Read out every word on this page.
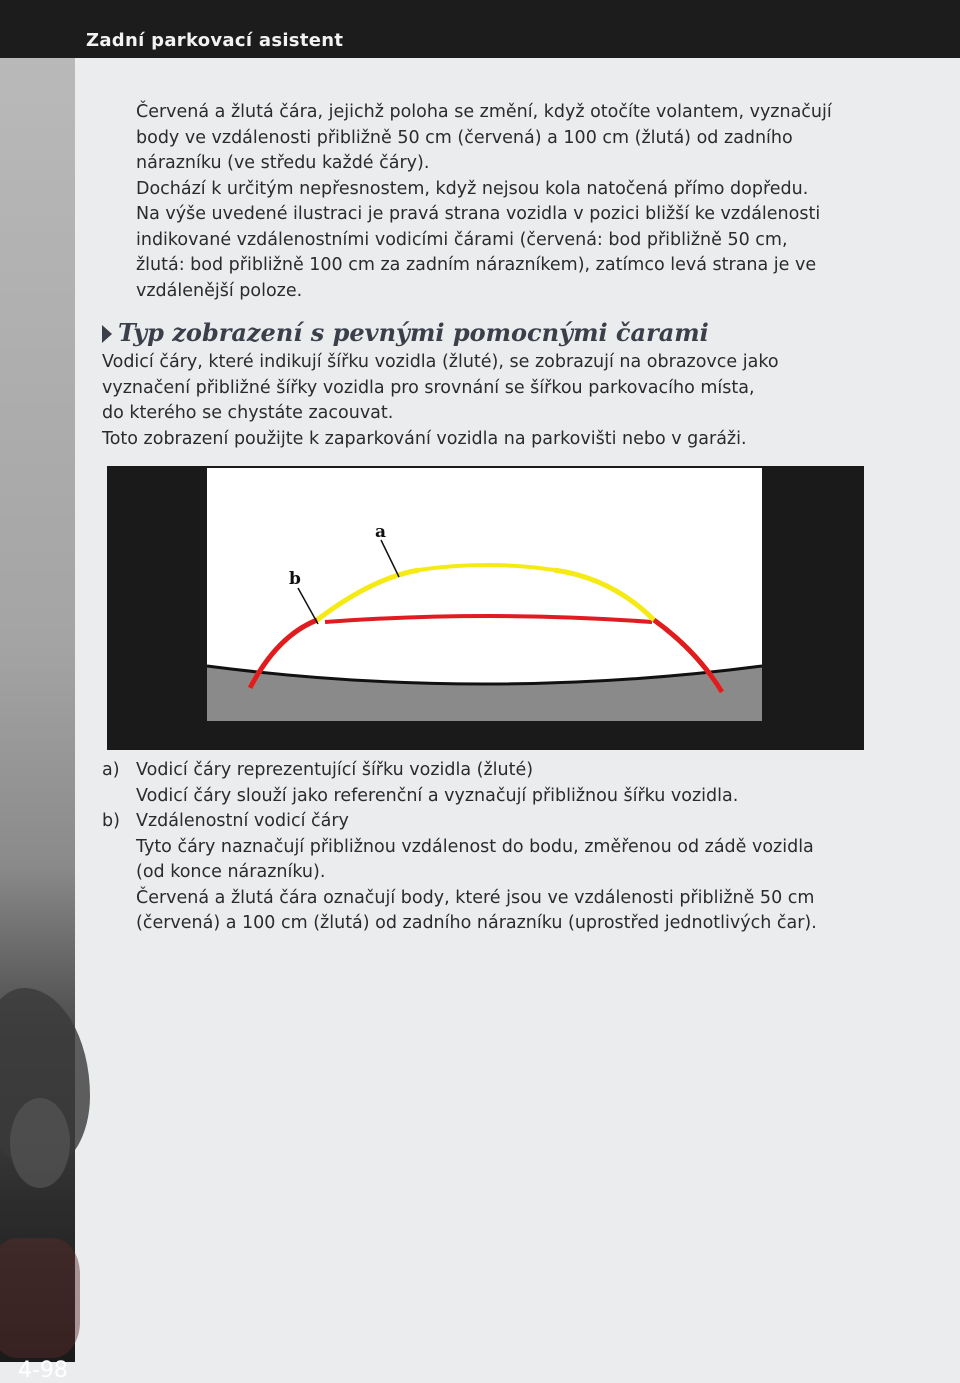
Zadní parkovací asistent
4-98

Červená a žlutá čára, jejichž poloha se změní, když otočíte volantem, vyznačují
body ve vzdálenosti přibližně 50 cm (červená) a 100 cm (žlutá) od zadního
nárazníku (ve středu každé čáry).
Dochází k určitým nepřesnostem, když nejsou kola natočená přímo dopředu.
Na výše uvedené ilustraci je pravá strana vozidla v pozici bližší ke vzdálenosti
indikované vzdálenostními vodicími čárami (červená: bod přibližně 50 cm,
žlutá: bod přibližně 100 cm za zadním nárazníkem), zatímco levá strana je ve
vzdálenější poloze.

Typ zobrazení s pevnými pomocnými čarami

Vodicí čáry, které indikují šířku vozidla (žluté), se zobrazují na obrazovce jako
vyznačení přibližné šířky vozidla pro srovnání se šířkou parkovacího místa,
do kterého se chystáte zacouvat.
Toto zobrazení použijte k zaparkování vozidla na parkovišti nebo v garáži.

a
b
a) Vodicí čáry reprezentující šířku vozidla (žluté)
Vodicí čáry slouží jako referenční a vyznačují přibližnou šířku vozidla.
b) Vzdálenostní vodicí čáry
Tyto čáry naznačují přibližnou vzdálenost do bodu, změřenou od zádě vozidla
(od konce nárazníku).
Červená a žlutá čára označují body, které jsou ve vzdálenosti přibližně 50 cm
(červená) a 100 cm (žlutá) od zadního nárazníku (uprostřed jednotlivých čar).
